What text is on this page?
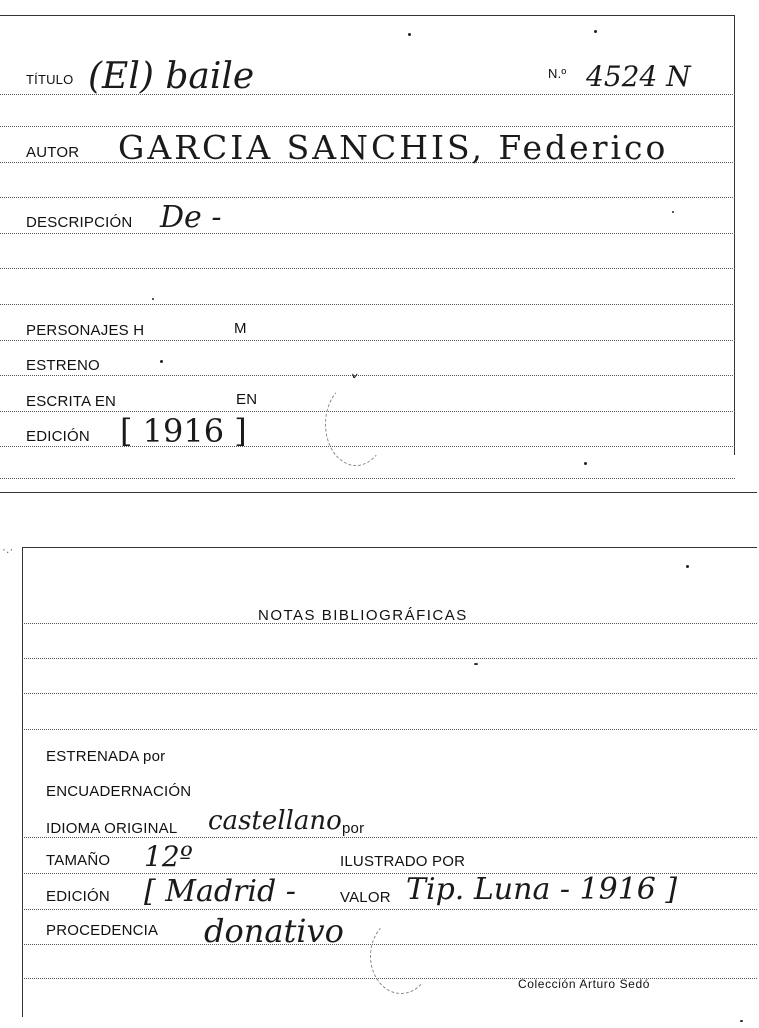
˅
TÍTULO (El) baile	N.º 4524 N
AUTOR GARCIA SANCHIS, Federico
DESCRIPCIÓN De -
PERSONAJES H	M
ESTRENO
ESCRITA EN	EN
EDICIÓN [ 1916 ]
·.·
NOTAS BIBLIOGRÁFICAS
ESTRENADA por
ENCUADERNACIÓN
IDIOMA ORIGINAL castellano por
TAMAÑO 12º	ILUSTRADO POR
EDICIÓN [ Madrid -	VALOR Tip. Luna - 1916 ]
PROCEDENCIA donativo
Colección Arturo Sedó
